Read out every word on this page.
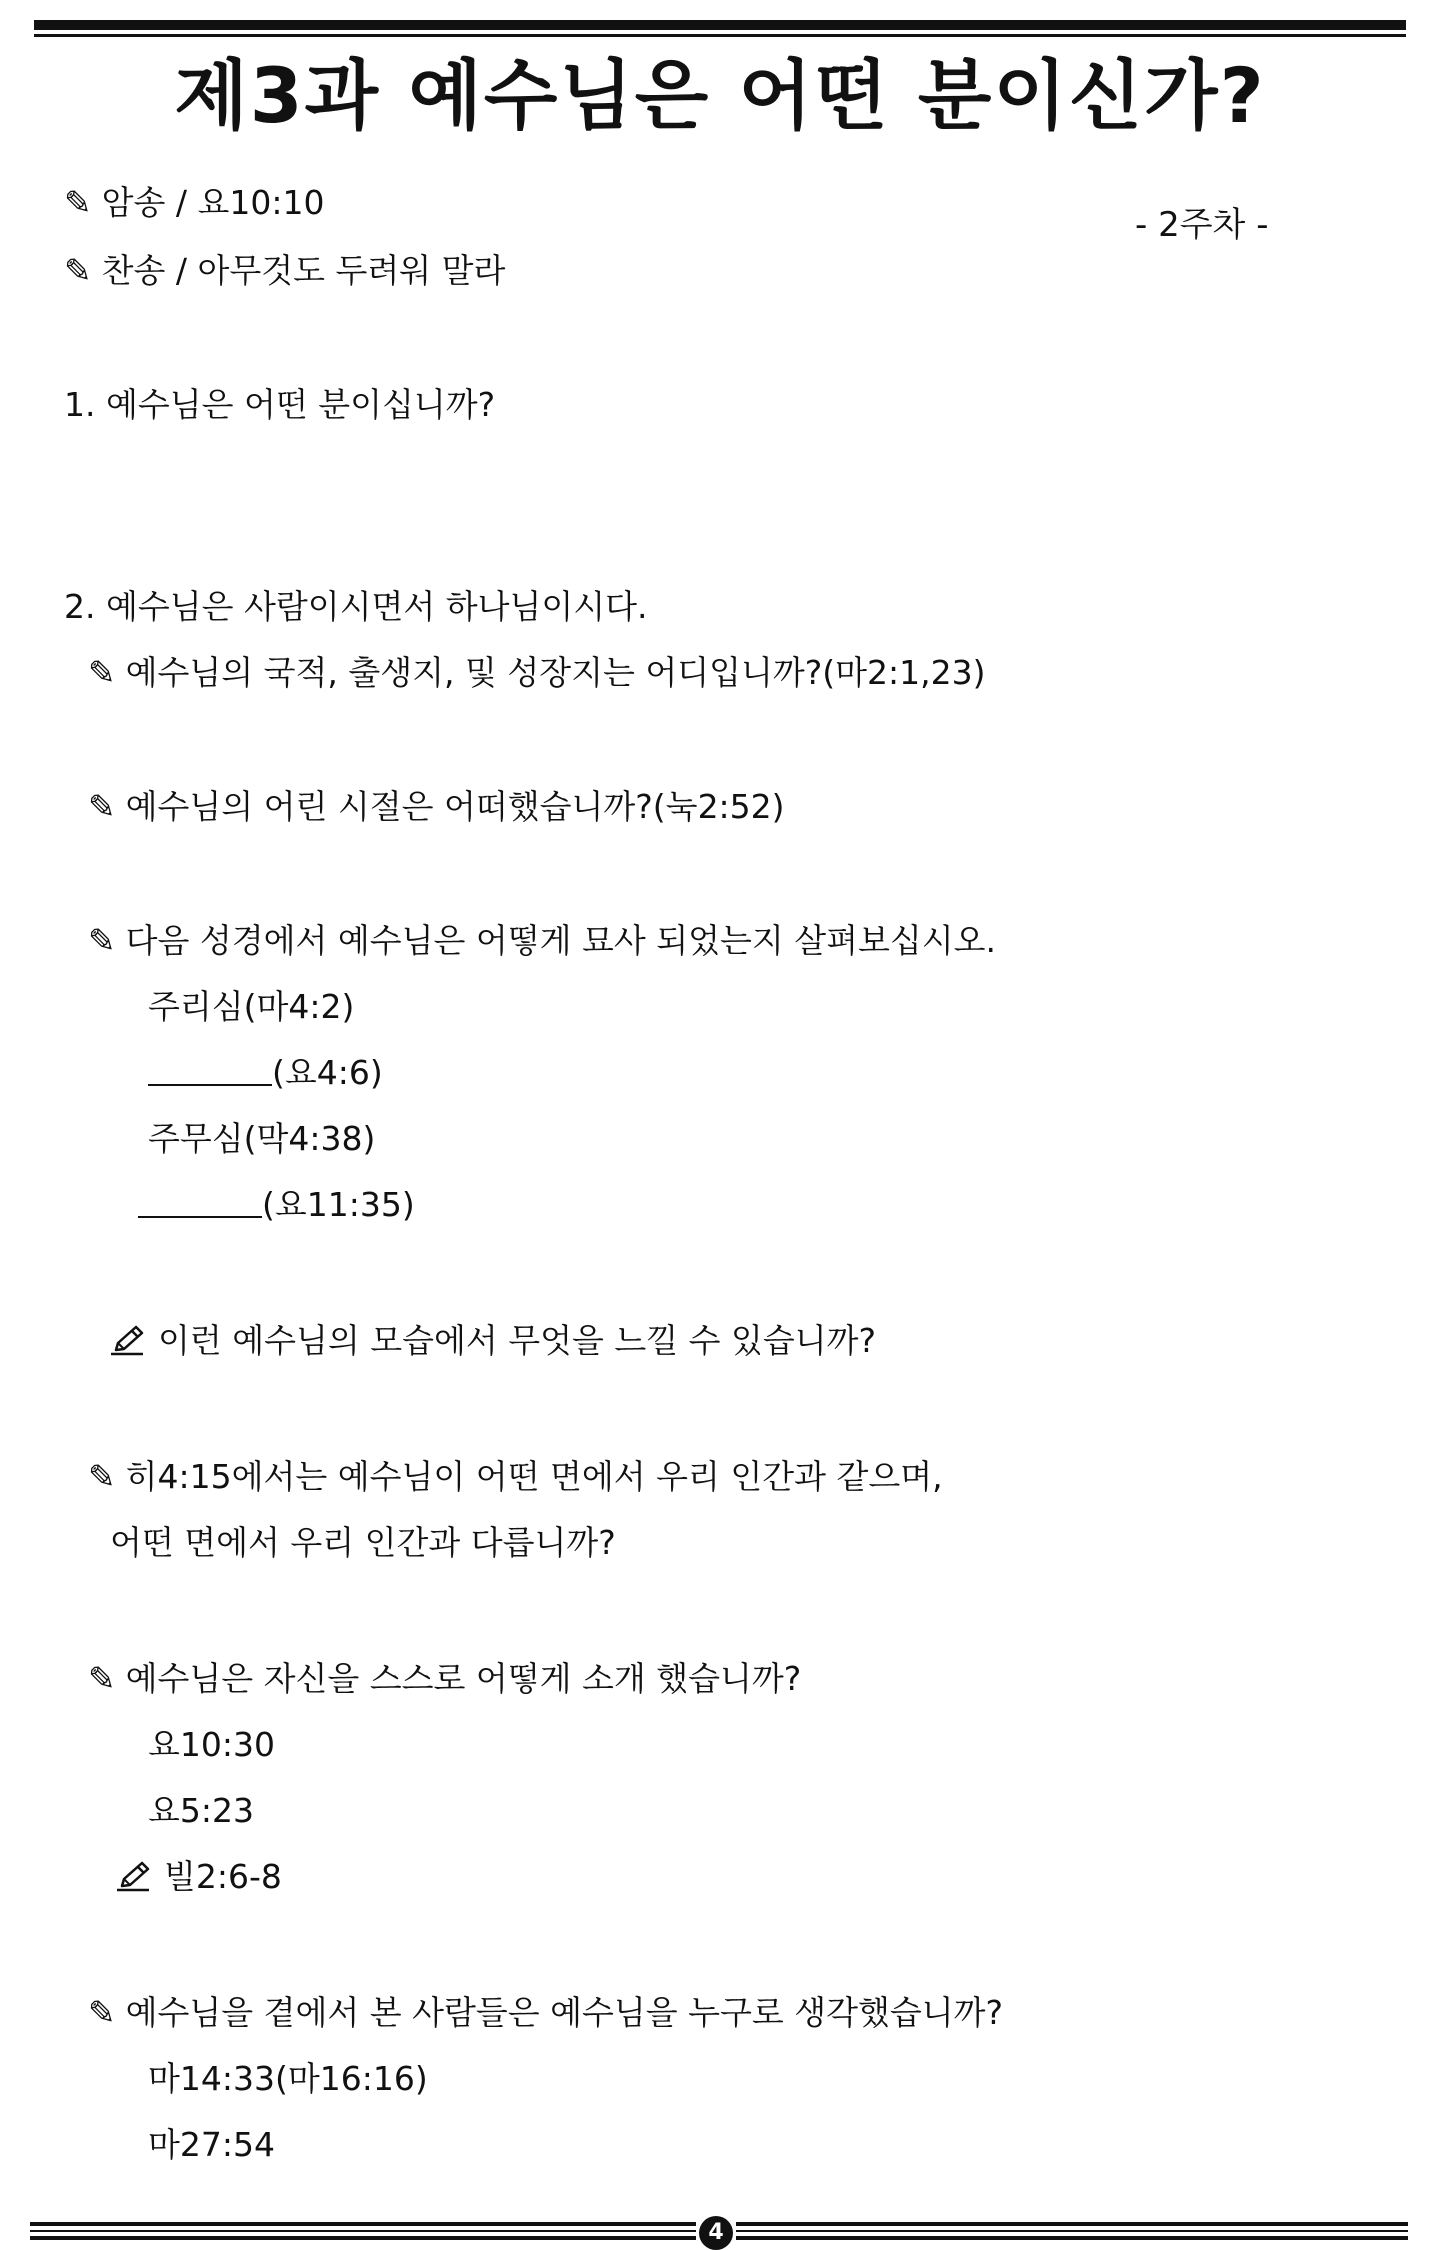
제3과 예수님은 어떤 분이신가?
- 2주차 -
✎ 암송 / 요10:10
✎ 찬송 / 아무것도 두려워 말라
1. 예수님은 어떤 분이십니까?
2. 예수님은 사람이시면서 하나님이시다.
✎ 예수님의 국적, 출생지, 및 성장지는 어디입니까?(마2:1,23)
✎ 예수님의 어린 시절은 어떠했습니까?(눅2:52)
✎ 다음 성경에서 예수님은 어떻게 묘사 되었는지 살펴보십시오.
주리심(마4:2)
(요4:6)
주무심(막4:38)
(요11:35)
이런 예수님의 모습에서 무엇을 느낄 수 있습니까?
✎ 히4:15에서는 예수님이 어떤 면에서 우리 인간과 같으며,
어떤 면에서 우리 인간과 다릅니까?
✎ 예수님은 자신을 스스로 어떻게 소개 했습니까?
요10:30
요5:23
빌2:6-8
✎ 예수님을 곁에서 본 사람들은 예수님을 누구로 생각했습니까?
마14:33(마16:16)
마27:54
4
